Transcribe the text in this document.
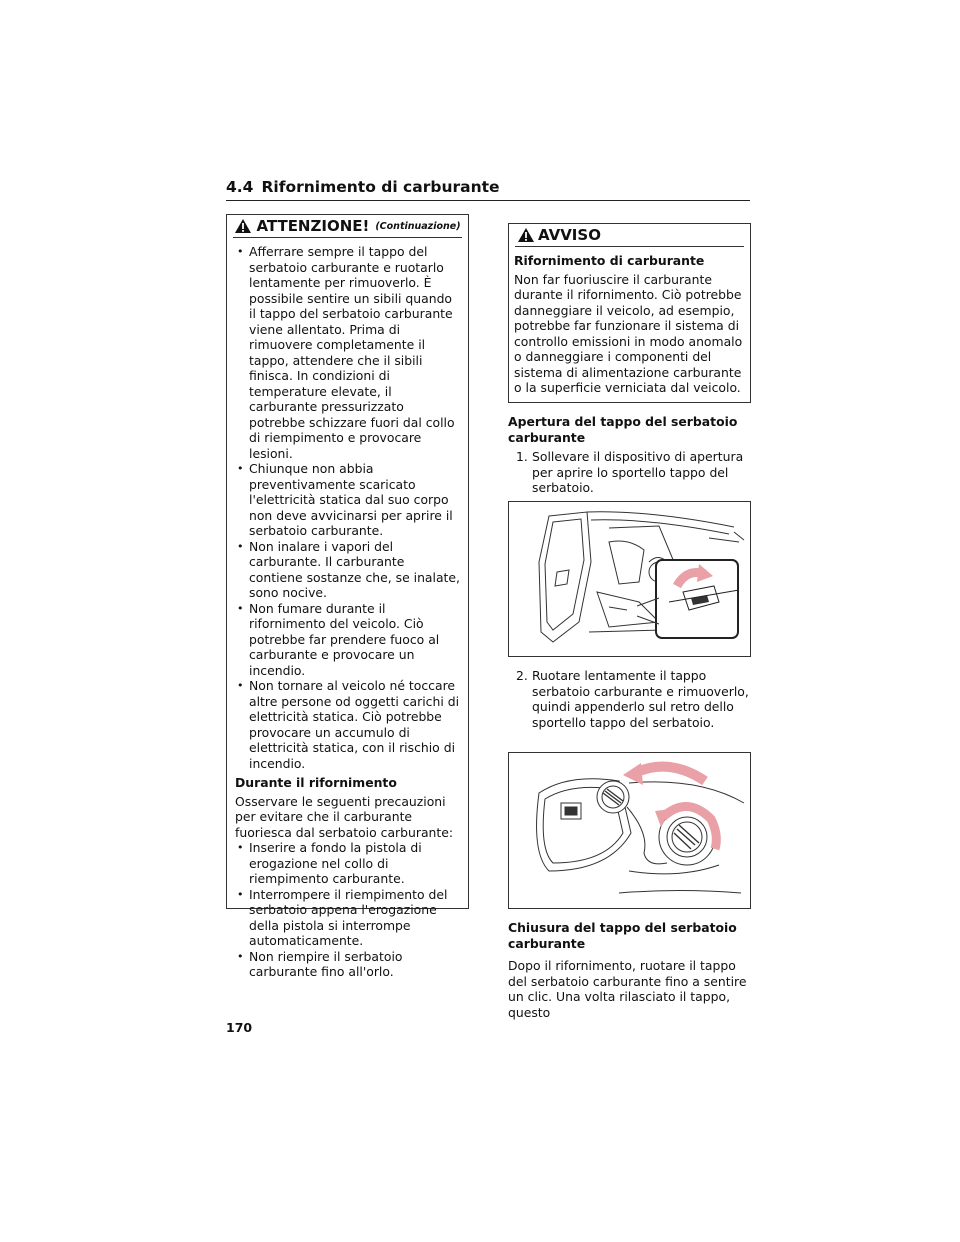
4.4 Rifornimento di carburante
ATTENZIONE! (Continuazione)
• Afferrare sempre il tappo del serbatoio carburante e ruotarlo lentamente per rimuoverlo. È possibile sentire un sibili quando il tappo del serbatoio carburante viene allentato. Prima di rimuovere completamente il tappo, attendere che il sibili finisca. In condizioni di temperature elevate, il carburante pressurizzato potrebbe schizzare fuori dal collo di riempimento e provocare lesioni.
• Chiunque non abbia preventivamente scaricato l'elettricità statica dal suo corpo non deve avvicinarsi per aprire il serbatoio carburante.
• Non inalare i vapori del carburante. Il carburante contiene sostanze che, se inalate, sono nocive.
• Non fumare durante il rifornimento del veicolo. Ciò potrebbe far prendere fuoco al carburante e provocare un incendio.
• Non tornare al veicolo né toccare altre persone od oggetti carichi di elettricità statica. Ciò potrebbe provocare un accumulo di elettricità statica, con il rischio di incendio.
Durante il rifornimento

Osservare le seguenti precauzioni per evitare che il carburante fuoriesca dal serbatoio carburante:

• Inserire a fondo la pistola di erogazione nel collo di riempimento carburante.
• Interrompere il riempimento del serbatoio appena l'erogazione della pistola si interrompe automaticamente.
• Non riempire il serbatoio carburante fino all'orlo.
AVVISO
Rifornimento di carburante

Non far fuoriuscire il carburante durante il rifornimento. Ciò potrebbe danneggiare il veicolo, ad esempio, potrebbe far funzionare il sistema di controllo emissioni in modo anomalo o danneggiare i componenti del sistema di alimentazione carburante o la superficie verniciata dal veicolo.

Apertura del tappo del serbatoio carburante
1. Sollevare il dispositivo di apertura per aprire lo sportello tappo del serbatoio.
2. Ruotare lentamente il tappo serbatoio carburante e rimuoverlo, quindi appenderlo sul retro dello sportello tappo del serbatoio.
Chiusura del tappo del serbatoio carburante

Dopo il rifornimento, ruotare il tappo del serbatoio carburante fino a sentire un clic. Una volta rilasciato il tappo, questo

170
